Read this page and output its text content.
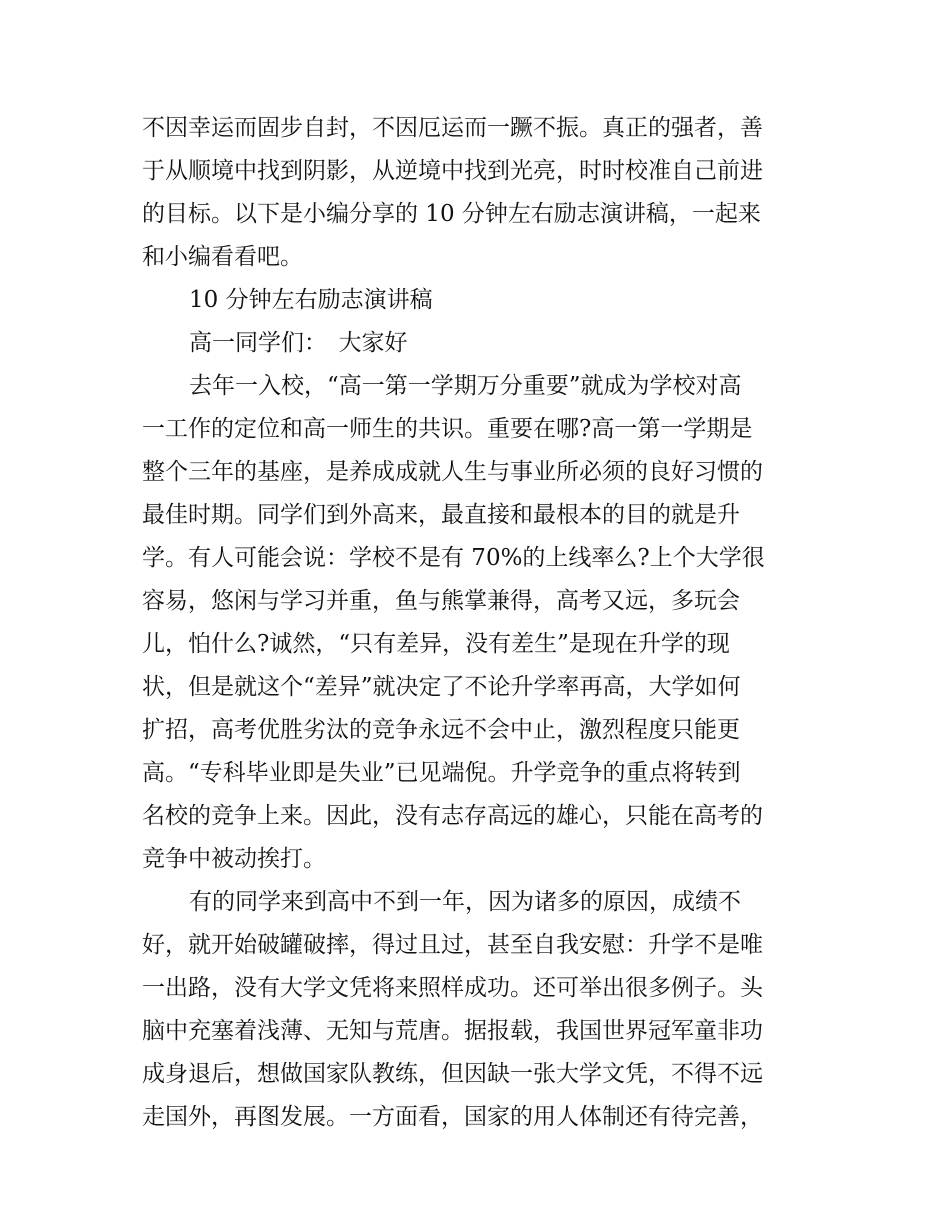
不因幸运而固步自封，不因厄运而一蹶不振。真正的强者，善
于从顺境中找到阴影，从逆境中找到光亮，时时校准自己前进
的目标。以下是小编分享的 10 分钟左右励志演讲稿，一起来
和小编看看吧。
10 分钟左右励志演讲稿
高一同学们：　大家好
去年一入校，“高一第一学期万分重要”就成为学校对高
一工作的定位和高一师生的共识。重要在哪?高一第一学期是
整个三年的基座，是养成成就人生与事业所必须的良好习惯的
最佳时期。同学们到外高来，最直接和最根本的目的就是升
学。有人可能会说：学校不是有 70%的上线率么?上个大学很
容易，悠闲与学习并重，鱼与熊掌兼得，高考又远，多玩会
儿，怕什么?诚然，“只有差异，没有差生”是现在升学的现
状，但是就这个“差异”就决定了不论升学率再高，大学如何
扩招，高考优胜劣汰的竞争永远不会中止，激烈程度只能更
高。“专科毕业即是失业”已见端倪。升学竞争的重点将转到
名校的竞争上来。因此，没有志存高远的雄心，只能在高考的
竞争中被动挨打。
有的同学来到高中不到一年，因为诸多的原因，成绩不
好，就开始破罐破摔，得过且过，甚至自我安慰：升学不是唯
一出路，没有大学文凭将来照样成功。还可举出很多例子。头
脑中充塞着浅薄、无知与荒唐。据报载，我国世界冠军童非功
成身退后，想做国家队教练，但因缺一张大学文凭，不得不远
走国外，再图发展。一方面看，国家的用人体制还有待完善，
